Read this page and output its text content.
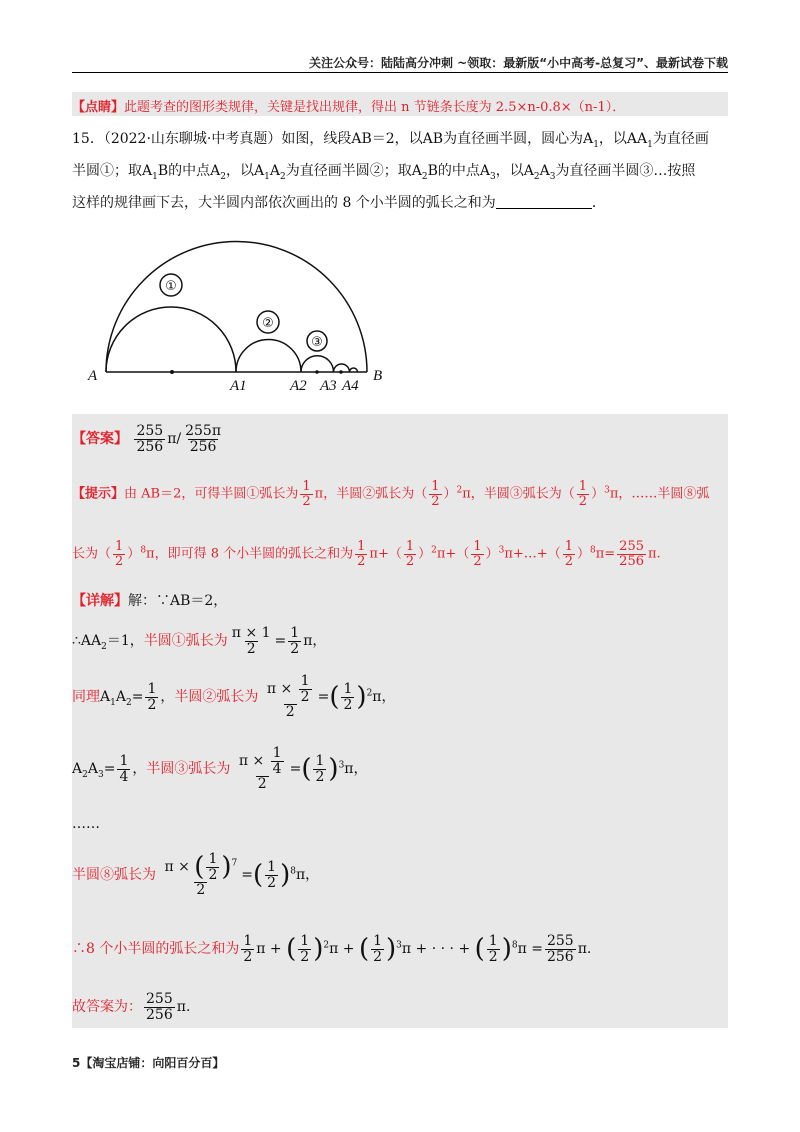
关注公众号：陆陆高分冲刺 ~领取：最新版“小中高考-总复习”、最新试卷下载
【点睛】此题考查的图形类规律，关键是找出规律，得出 n 节链条长度为 2.5×n-0.8×（n-1）．
15．（2022·山东聊城·中考真题）如图，线段AB＝2，以AB为直径画半圆，圆心为$A_1$，以$AA_1$为直径画
半圆①；取$A_1B$的中点$A_2$，以$A_1A_2$为直径画半圆②；取$A_2B$的中点$A_3$，以$A_2A_3$为直径画半圆③…按照
这样的规律画下去，大半圆内部依次画出的 8 个小半圆的弧长之和为	．
A
A1	A2 A3 A4
B
①
②
③
【答案】 $\frac{255}{256} \pi/ \frac{255\pi}{256}$
【提示】由 AB＝2，可得半圆①弧长为 $\frac{1}{2}$ π，半圆②弧长为（ $\frac{1}{2} )^2\pi$，半圆③弧长为（ $\frac{1}{2} )^3\pi$，……半圆⑧弧
长为（ $\frac{1}{2} )^8\pi$，即可得 8 个小半圆的弧长之和为 $\frac{1}{2} \pi+( \frac{1}{2} )^2\pi+( \frac{1}{2}$ ）$^3\pi+\dots+( \frac{1}{2} )^8\pi= \frac{255}{256} \pi$.
【详解】解：∵AB＝2，
$\therefore AA_2=1$，半圆①弧长为 $\frac{\pi \times 1}{2} = \frac{1}{2}$ π，
同理$A_1A_2= \frac{1}{2}$ ，半圆②弧长为 $\frac{\pi \times \frac{1}{2}}{2}$ = ( $\frac{1}{2}$ ) $^2$π，
$A_2A_3= \frac{1}{4}$ ，半圆③弧长为 $\frac{\pi \times \frac{1}{4}}{2}$ = ( $\frac{1}{2}$ ) $^3$π，
……
半圆⑧弧长为 $\frac{\pi \times ( \frac{1}{2} ) ^7}{2}$ = ( $\frac{1}{2}$ ) $^8$π，
∴8 个小半圆的弧长之和为 $\frac{1}{2}$ π + ( $\frac{1}{2}$ ) $^2$π + ( $\frac{1}{2}$ ) $^3$π + · · · + ( $\frac{1}{2}$ ) $^8\pi = \frac{255}{256} \pi$.
故答案为： $\frac{255}{256} \pi$.
5【淘宝店铺：向阳百分百】
